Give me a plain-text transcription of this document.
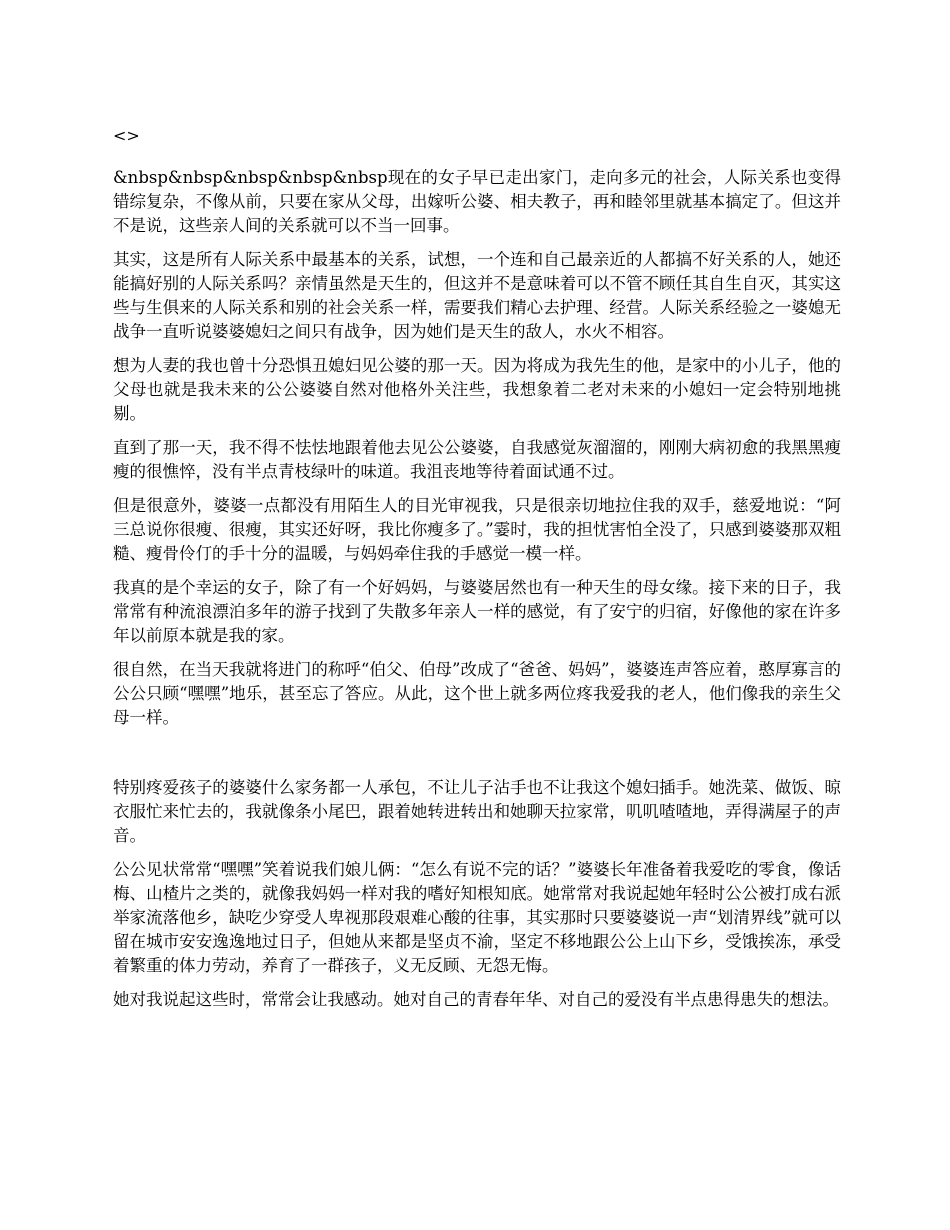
<>

&nbsp&nbsp&nbsp&nbsp&nbsp现在的女子早已走出家门，走向多元的社会，人际关系也变得错综复杂，不像从前，只要在家从父母，出嫁听公婆、相夫教子，再和睦邻里就基本搞定了。但这并不是说，这些亲人间的关系就可以不当一回事。

其实，这是所有人际关系中最基本的关系，试想，一个连和自己最亲近的人都搞不好关系的人，她还能搞好别的人际关系吗？亲情虽然是天生的，但这并不是意味着可以不管不顾任其自生自灭，其实这些与生俱来的人际关系和别的社会关系一样，需要我们精心去护理、经营。人际关系经验之一婆媳无战争一直听说婆婆媳妇之间只有战争，因为她们是天生的敌人，水火不相容。

想为人妻的我也曾十分恐惧丑媳妇见公婆的那一天。因为将成为我先生的他，是家中的小儿子，他的父母也就是我未来的公公婆婆自然对他格外关注些，我想象着二老对未来的小媳妇一定会特别地挑剔。

直到了那一天，我不得不怯怯地跟着他去见公公婆婆，自我感觉灰溜溜的，刚刚大病初愈的我黑黑瘦瘦的很憔悴，没有半点青枝绿叶的味道。我沮丧地等待着面试通不过。

但是很意外，婆婆一点都没有用陌生人的目光审视我，只是很亲切地拉住我的双手，慈爱地说：“阿三总说你很瘦、很瘦，其实还好呀，我比你瘦多了。”霎时，我的担忧害怕全没了，只感到婆婆那双粗糙、瘦骨伶仃的手十分的温暖，与妈妈牵住我的手感觉一模一样。

我真的是个幸运的女子，除了有一个好妈妈，与婆婆居然也有一种天生的母女缘。接下来的日子，我常常有种流浪漂泊多年的游子找到了失散多年亲人一样的感觉，有了安宁的归宿，好像他的家在许多年以前原本就是我的家。

很自然，在当天我就将进门的称呼“伯父、伯母”改成了“爸爸、妈妈”，婆婆连声答应着，憨厚寡言的公公只顾“嘿嘿”地乐，甚至忘了答应。从此，这个世上就多两位疼我爱我的老人，他们像我的亲生父母一样。

特别疼爱孩子的婆婆什么家务都一人承包，不让儿子沾手也不让我这个媳妇插手。她洗菜、做饭、晾衣服忙来忙去的，我就像条小尾巴，跟着她转进转出和她聊天拉家常，叽叽喳喳地，弄得满屋子的声音。

公公见状常常“嘿嘿”笑着说我们娘儿俩：“怎么有说不完的话？”婆婆长年准备着我爱吃的零食，像话梅、山楂片之类的，就像我妈妈一样对我的嗜好知根知底。她常常对我说起她年轻时公公被打成右派举家流落他乡，缺吃少穿受人卑视那段艰难心酸的往事，其实那时只要婆婆说一声“划清界线”就可以留在城市安安逸逸地过日子，但她从来都是坚贞不渝，坚定不移地跟公公上山下乡，受饿挨冻，承受着繁重的体力劳动，养育了一群孩子，义无反顾、无怨无悔。

她对我说起这些时，常常会让我感动。她对自己的青春年华、对自己的爱没有半点患得患失的想法。
